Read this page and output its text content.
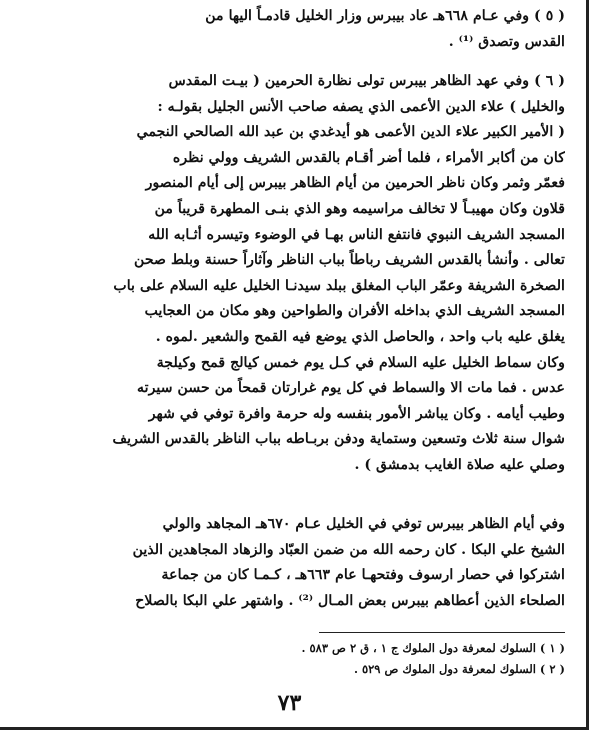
( ٥ ) وفي عـام ٦٦٨هـ عاد بيبرس وزار الخليل قادمـاً اليها من
القدس وتصدق ⁽¹⁾ .
( ٦ ) وفي عهد الظاهر بيبرس تولى نظارة الحرمين ( بيـت المقدس
والخليل ) علاء الدين الأعمى الذي يصفه صاحب الأنس الجليل بقولـه :
( الأمير الكبير علاء الدين الأعمى هو أيدغدي بن عبد الله الصالحي النجمي
كان من أكابر الأمراء ، فلما أضر أقـام بالقدس الشريف وولي نظره
فعمّر وثمر وكان ناظر الحرمين من أيام الظاهر بيبرس إلى أيام المنصور
قلاون وكان مهيبـاً لا تخالف مراسيمه وهو الذي بنـى المطهرة قريباً من
المسجد الشريف النبوي فانتفع الناس بهـا في الوضوء وتيسره أثـابه الله
تعالى . وأنشأ بالقدس الشريف رباطاً بباب الناظر وآثاراً حسنة وبلط صحن
الصخرة الشريفة وعمّر الباب المغلق ببلد سيدنـا الخليل عليه السلام على باب
المسجد الشريف الذي بداخله الأفران والطواحين وهو مكان من العجايب
يغلق عليه باب واحد ، والحاصل الذي يوضع فيه القمح والشعير .لموه .
وكان سماط الخليل عليه السلام في كـل يوم خمس كيالج قمح وكيلجة
عدس . فما مات الا والسماط في كل يوم غرارتان قمحاً من حسن سيرته
وطيب أيامه . وكان يباشر الأمور بنفسه وله حرمة وافرة توفي في شهر
شوال سنة ثلاث وتسعين وستماية ودفن بربـاطه بباب الناظر بالقدس الشريف
وصلي عليه صلاة الغايب بدمشق ) .
وفي أيام الظاهر بيبرس توفي في الخليل عـام ٦٧٠هـ المجاهد والولي
الشيخ علي البكا . كان رحمه الله من ضمن العبّاد والزهاد المجاهدين الذين
اشتركوا في حصار ارسوف وفتحهـا عام ٦٦٣هـ ، كـمـا كان من جماعة
الصلحاء الذين أعطاهم بيبرس بعض المـال ⁽²⁾ . واشتهر علي البكا بالصلاح
( ١ ) السلوك لمعرفة دول الملوك ج ١ ، ق ٢ ص ٥٨٣ .
( ٢ ) السلوك لمعرفة دول الملوك ص ٥٢٩ .
٧٣
